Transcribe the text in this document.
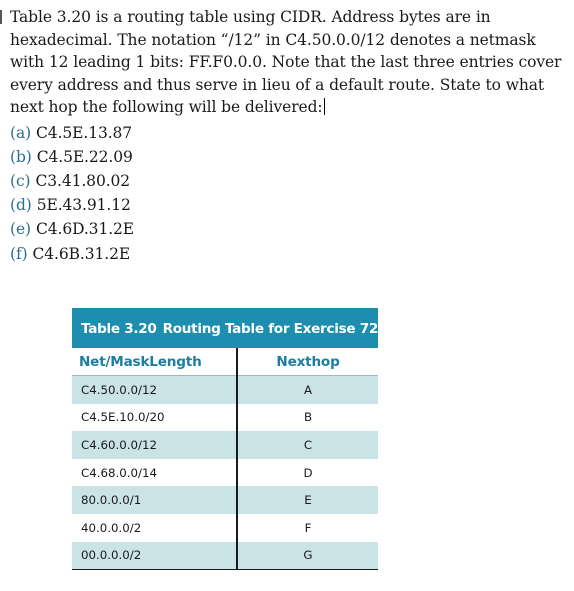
Table 3.20 is a routing table using CIDR. Address bytes are in hexadecimal. The notation “/12” in C4.50.0.0/12 denotes a netmask with 12 leading 1 bits: FF.F0.0.0. Note that the last three entries cover every address and thus serve in lieu of a default route. State to what next hop the following will be delivered:
(a) C4.5E.13.87
(b) C4.5E.22.09
(c) C3.41.80.02
(d) 5E.43.91.12
(e) C4.6D.31.2E
(f) C4.6B.31.2E
Table 3.20 Routing Table for Exercise 72
Net/MaskLength	Nexthop
C4.50.0.0/12	A
C4.5E.10.0/20	B
C4.60.0.0/12	C
C4.68.0.0/14	D
80.0.0.0/1	E
40.0.0.0/2	F
00.0.0.0/2	G
